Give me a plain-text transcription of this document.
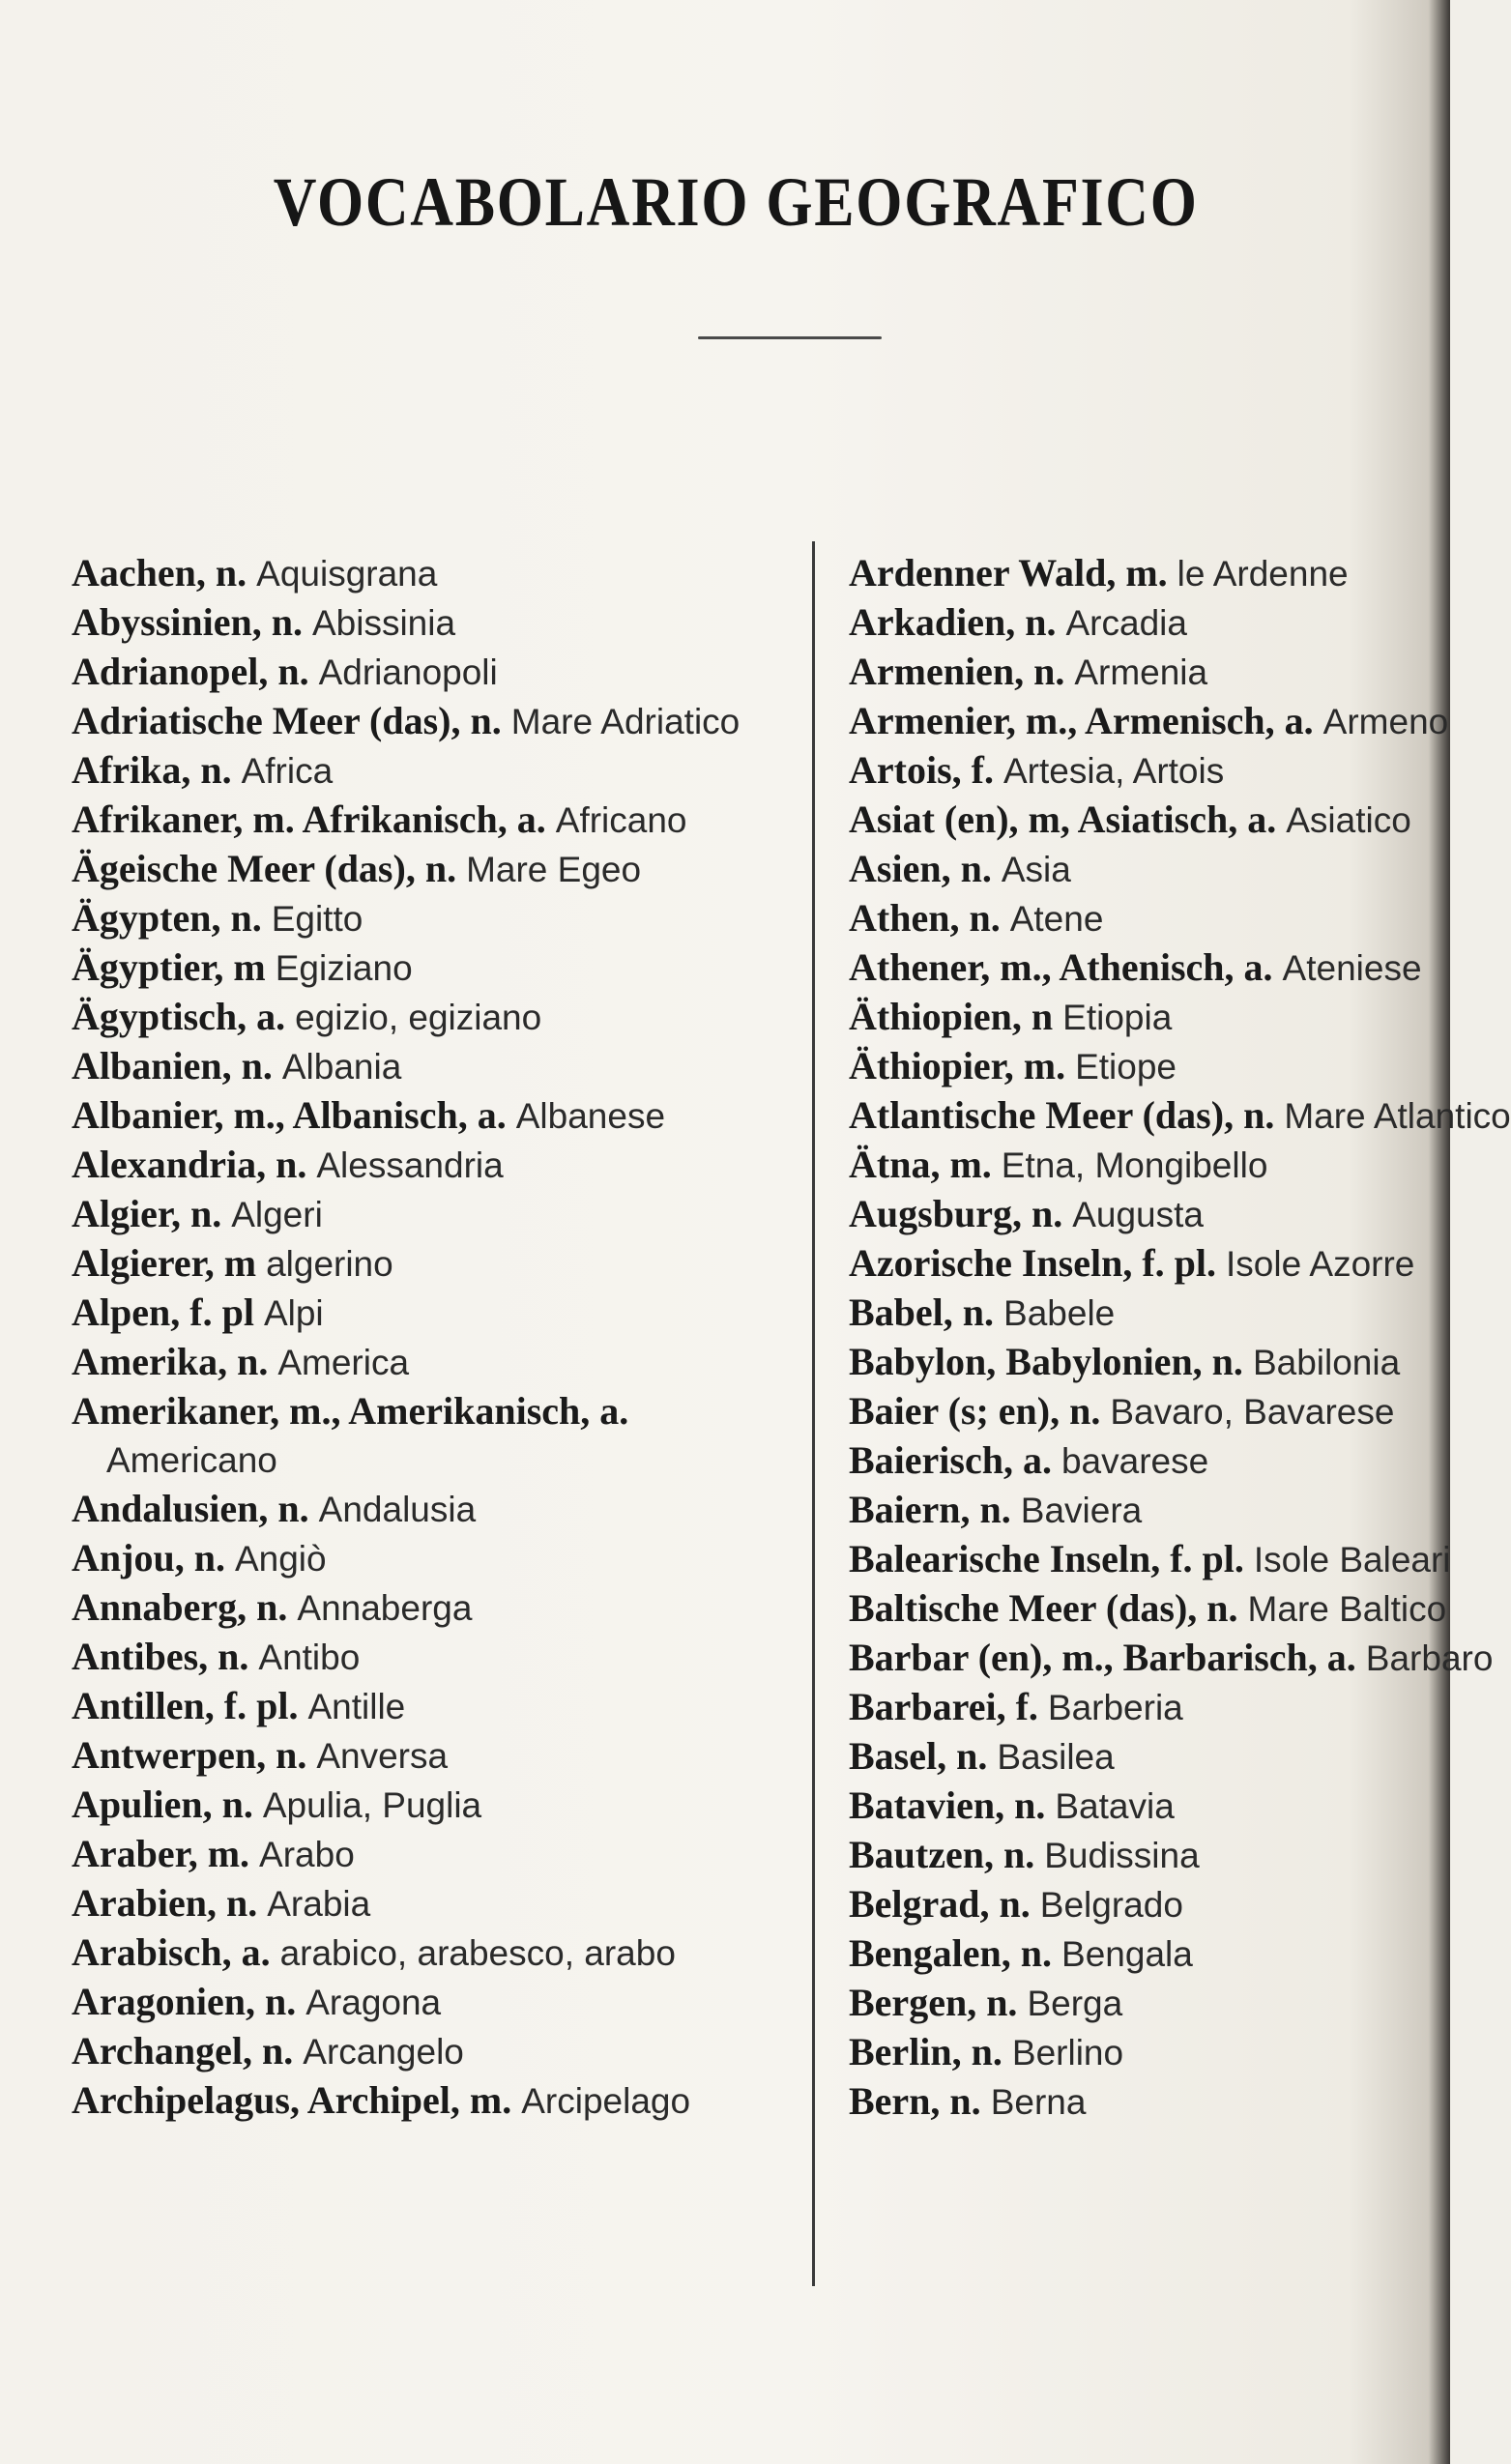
VOCABOLARIO GEOGRAFICO
Aachen, n. Aquisgrana
Abyssinien, n. Abissinia
Adrianopel, n. Adrianopoli
Adriatische Meer (das), n. Mare Adriatico
Afrika, n. Africa
Afrikaner, m. Afrikanisch, a. Africano
Ägeische Meer (das), n. Mare Egeo
Ägypten, n. Egitto
Ägyptier, m Egiziano
Ägyptisch, a. egizio, egiziano
Albanien, n. Albania
Albanier, m., Albanisch, a. Albanese
Alexandria, n. Alessandria
Algier, n. Algeri
Algierer, m algerino
Alpen, f. pl Alpi
Amerika, n. America
Amerikaner, m., Amerikanisch, a. Americano
Andalusien, n. Andalusia
Anjou, n. Angiò
Annaberg, n. Annaberga
Antibes, n. Antibo
Antillen, f. pl. Antille
Antwerpen, n. Anversa
Apulien, n. Apulia, Puglia
Araber, m. Arabo
Arabien, n. Arabia
Arabisch, a. arabico, arabesco, arabo
Aragonien, n. Aragona
Archangel, n. Arcangelo
Archipelagus, Archipel, m. Arcipelago
Ardenner Wald, m. le Ardenne
Arkadien, n. Arcadia
Armenien, n. Armenia
Armenier, m., Armenisch, a. Armeno
Artois, f. Artesia, Artois
Asiat (en), m, Asiatisch, a. Asiatico
Asien, n. Asia
Athen, n. Atene
Athener, m., Athenisch, a. Ateniese
Äthiopien, n Etiopia
Äthiopier, m. Etiope
Atlantische Meer (das), n. Mare Atlantico
Ätna, m. Etna, Mongibello
Augsburg, n. Augusta
Azorische Inseln, f. pl. Isole Azorre
Babel, n. Babele
Babylon, Babylonien, n. Babilonia
Baier (s; en), n. Bavaro, Bavarese
Baierisch, a. bavarese
Baiern, n. Baviera
Balearische Inseln, f. pl. Isole Baleari
Baltische Meer (das), n. Mare Baltico
Barbar (en), m., Barbarisch, a. Barbaro
Barbarei, f. Barberia
Basel, n. Basilea
Batavien, n. Batavia
Bautzen, n. Budissina
Belgrad, n. Belgrado
Bengalen, n. Bengala
Bergen, n. Berga
Berlin, n. Berlino
Bern, n. Berna
